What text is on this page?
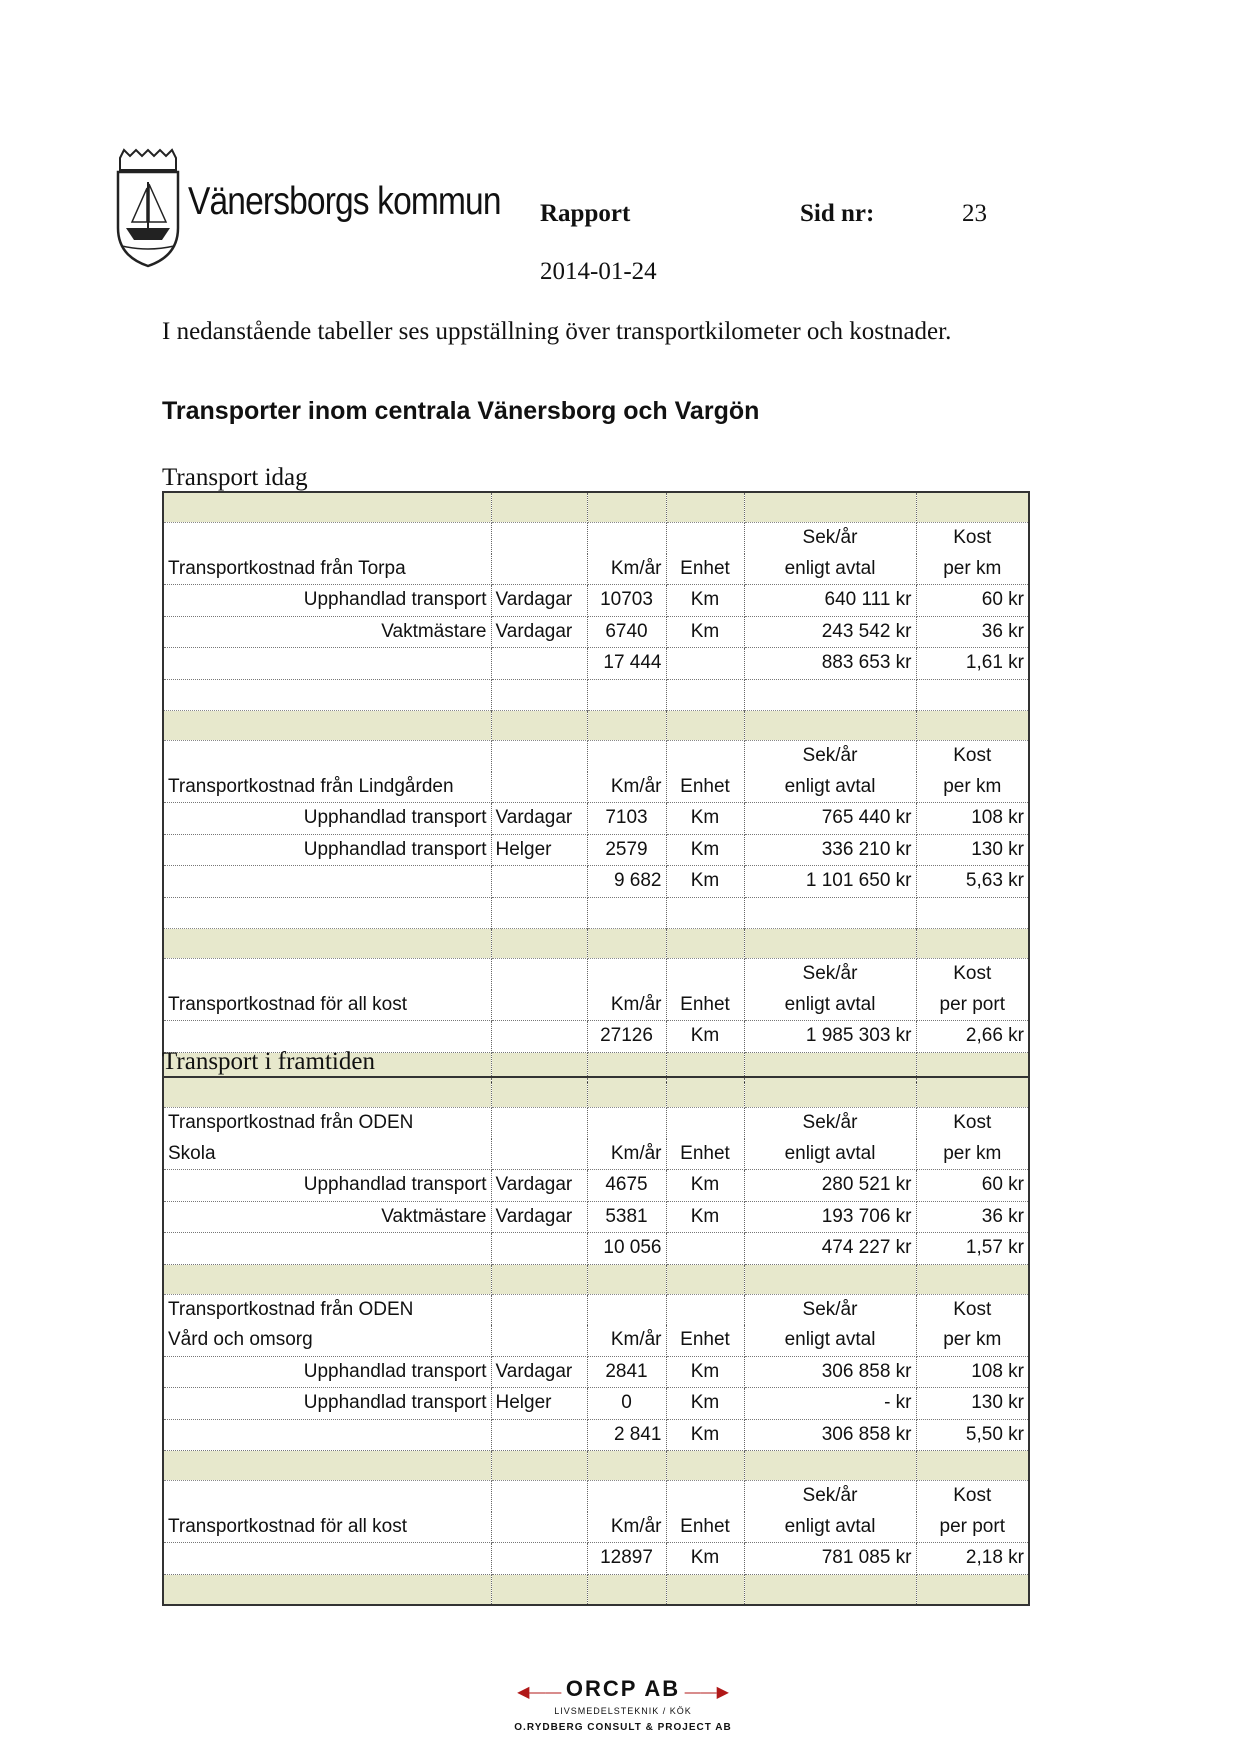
Vänersborgs kommun Rapport	Sid nr:	23
2014-01-24
I nedanstående tabeller ses uppställning över transportkilometer och kostnader.
Transporter inom centrala Vänersborg och Vargön
Transport idag

				Sek/år	Kost
Transportkostnad från Torpa		Km/år	Enhet	enligt avtal	per km
Upphandlad transport	Vardagar	10703	Km	640 111 kr	60 kr
Vaktmästare	Vardagar	6740	Km	243 542 kr	36 kr
		17 444		883 653 kr	1,61 kr

				Sek/år	Kost
Transportkostnad från Lindgården		Km/år	Enhet	enligt avtal	per km
Upphandlad transport	Vardagar	7103	Km	765 440 kr	108 kr
Upphandlad transport	Helger	2579	Km	336 210 kr	130 kr
		9 682	Km	1 101 650 kr	5,63 kr

				Sek/år	Kost
Transportkostnad för all kost		Km/år	Enhet	enligt avtal	per port
		27126	Km	1 985 303 kr	2,66 kr

Transport i framtiden

Transportkostnad från ODEN				Sek/år	Kost
Skola		Km/år	Enhet	enligt avtal	per km
Upphandlad transport	Vardagar	4675	Km	280 521 kr	60 kr
Vaktmästare	Vardagar	5381	Km	193 706 kr	36 kr
		10 056		474 227 kr	1,57 kr

Transportkostnad från ODEN				Sek/år	Kost
Vård och omsorg		Km/år	Enhet	enligt avtal	per km
Upphandlad transport	Vardagar	2841	Km	306 858 kr	108 kr
Upphandlad transport	Helger	0	Km	- kr	130 kr
		2 841	Km	306 858 kr	5,50 kr

				Sek/år	Kost
Transportkostnad för all kost		Km/år	Enhet	enligt avtal	per port
		12897	Km	781 085 kr	2,18 kr

◀—— ORCP AB ——▶
LIVSMEDELSTEKNIK / KÖK
O.RYDBERG CONSULT & PROJECT AB
